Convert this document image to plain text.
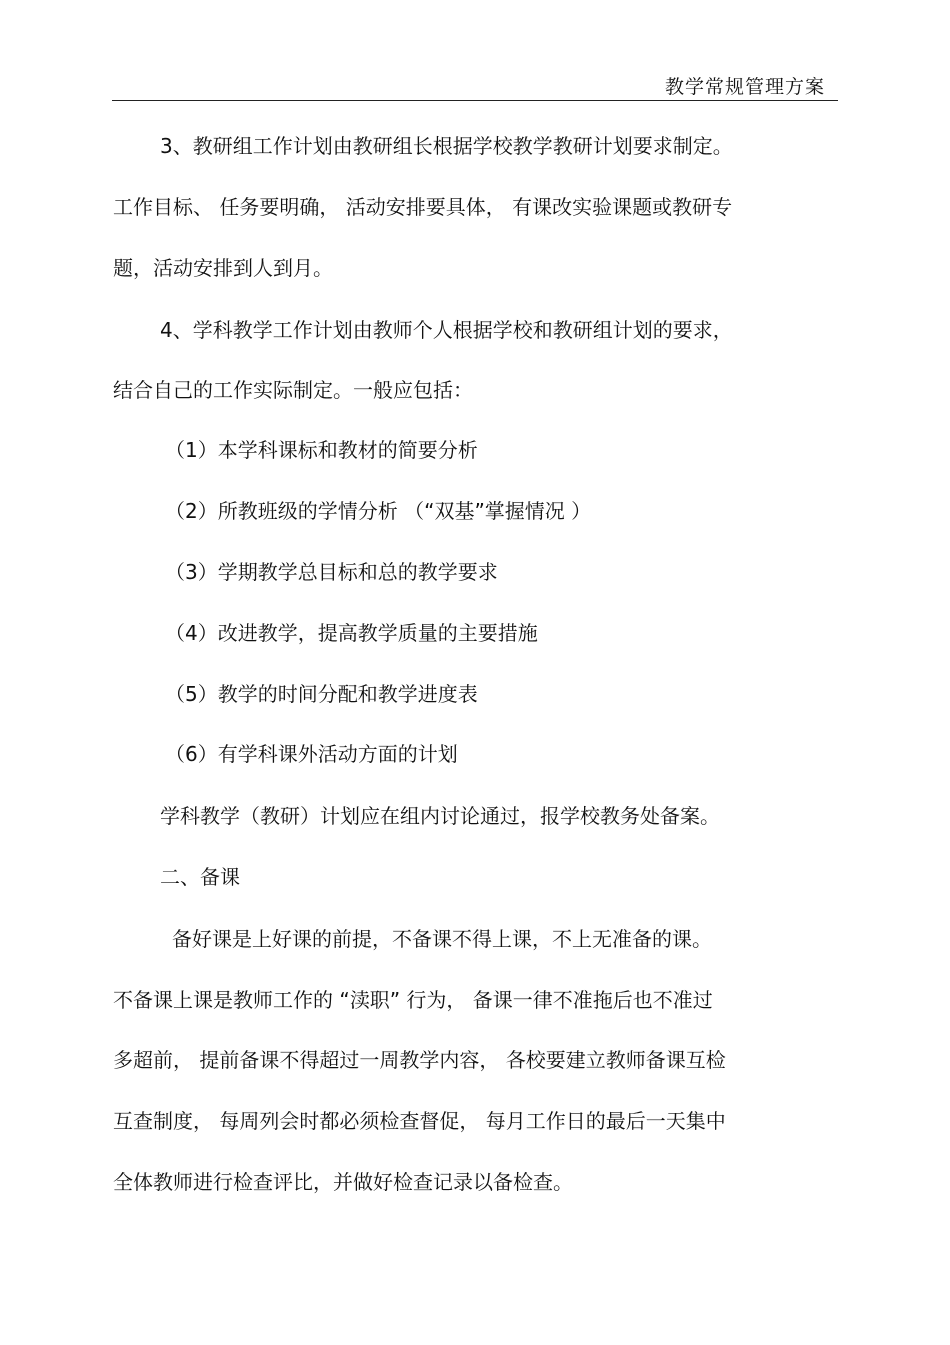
教学常规管理方案
3、教研组工作计划由教研组长根据学校教学教研计划要求制定。
工作目标、 任务要明确， 活动安排要具体， 有课改实验课题或教研专
题，活动安排到人到月。
4、学科教学工作计划由教师个人根据学校和教研组计划的要求，
结合自己的工作实际制定。一般应包括：
（1）本学科课标和教材的简要分析
（2）所教班级的学情分析 （“双基”掌握情况 ）
（3）学期教学总目标和总的教学要求
（4）改进教学，提高教学质量的主要措施
（5）教学的时间分配和教学进度表
（6）有学科课外活动方面的计划
学科教学（教研）计划应在组内讨论通过，报学校教务处备案。
二、备课
备好课是上好课的前提，不备课不得上课，不上无准备的课。
不备课上课是教师工作的 “渎职” 行为， 备课一律不准拖后也不准过
多超前， 提前备课不得超过一周教学内容， 各校要建立教师备课互检
互查制度， 每周列会时都必须检查督促， 每月工作日的最后一天集中
全体教师进行检查评比，并做好检查记录以备检查。
